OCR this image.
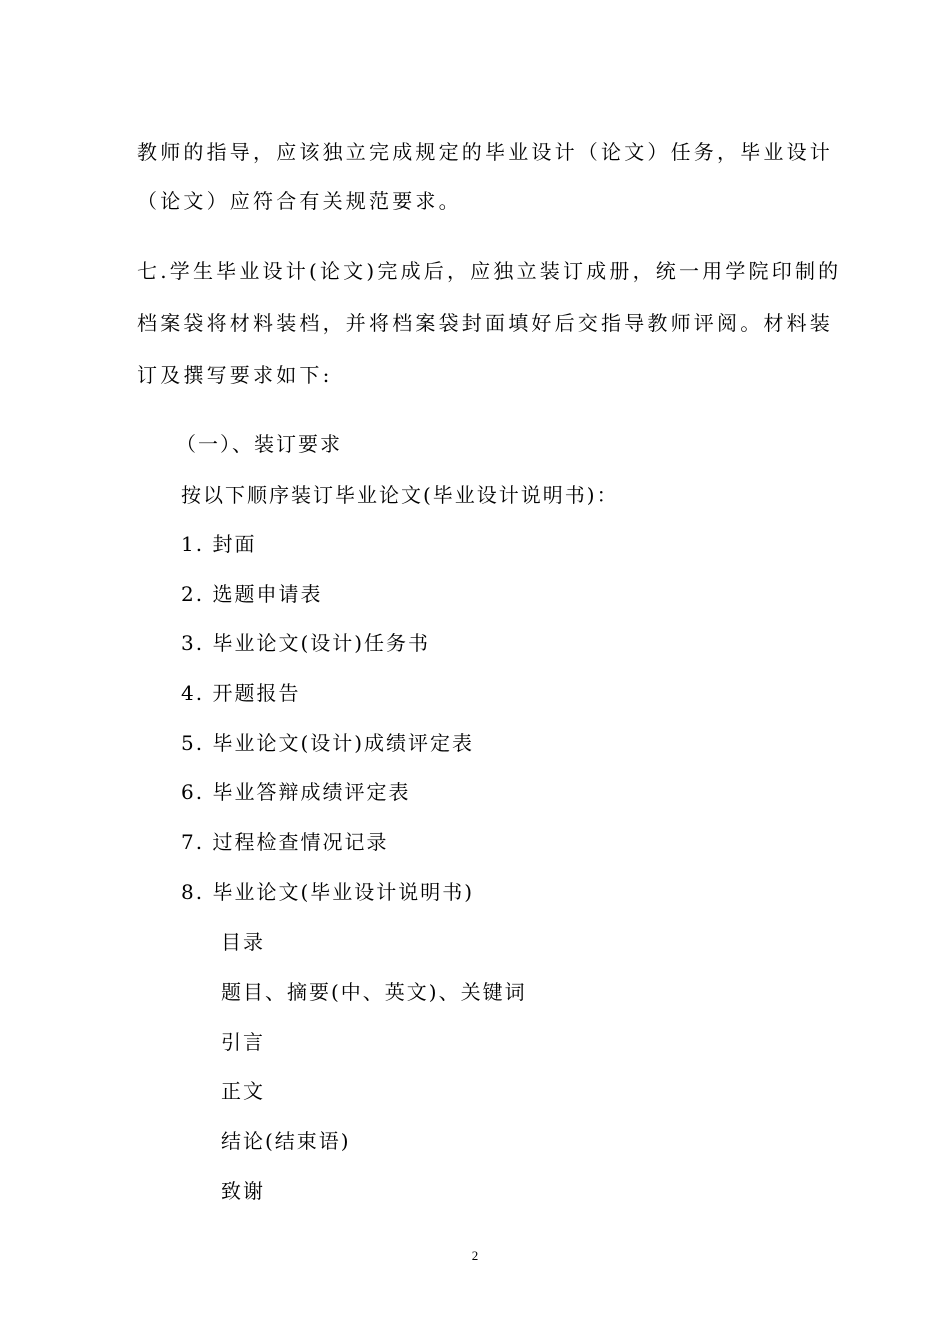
教师的指导，应该独立完成规定的毕业设计（论文）任务，毕业设计
（论文）应符合有关规范要求。
七.学生毕业设计(论文)完成后，应独立装订成册，统一用学院印制的
档案袋将材料装档，并将档案袋封面填好后交指导教师评阅。材料装
订及撰写要求如下:
（一）、装订要求
按以下顺序装订毕业论文(毕业设计说明书)：
1. 封面
2. 选题申请表
3. 毕业论文(设计)任务书
4. 开题报告
5. 毕业论文(设计)成绩评定表
6. 毕业答辩成绩评定表
7. 过程检查情况记录
8. 毕业论文(毕业设计说明书)
目录
题目、摘要(中、英文)、关键词
引言
正文
结论(结束语)
致谢
2
